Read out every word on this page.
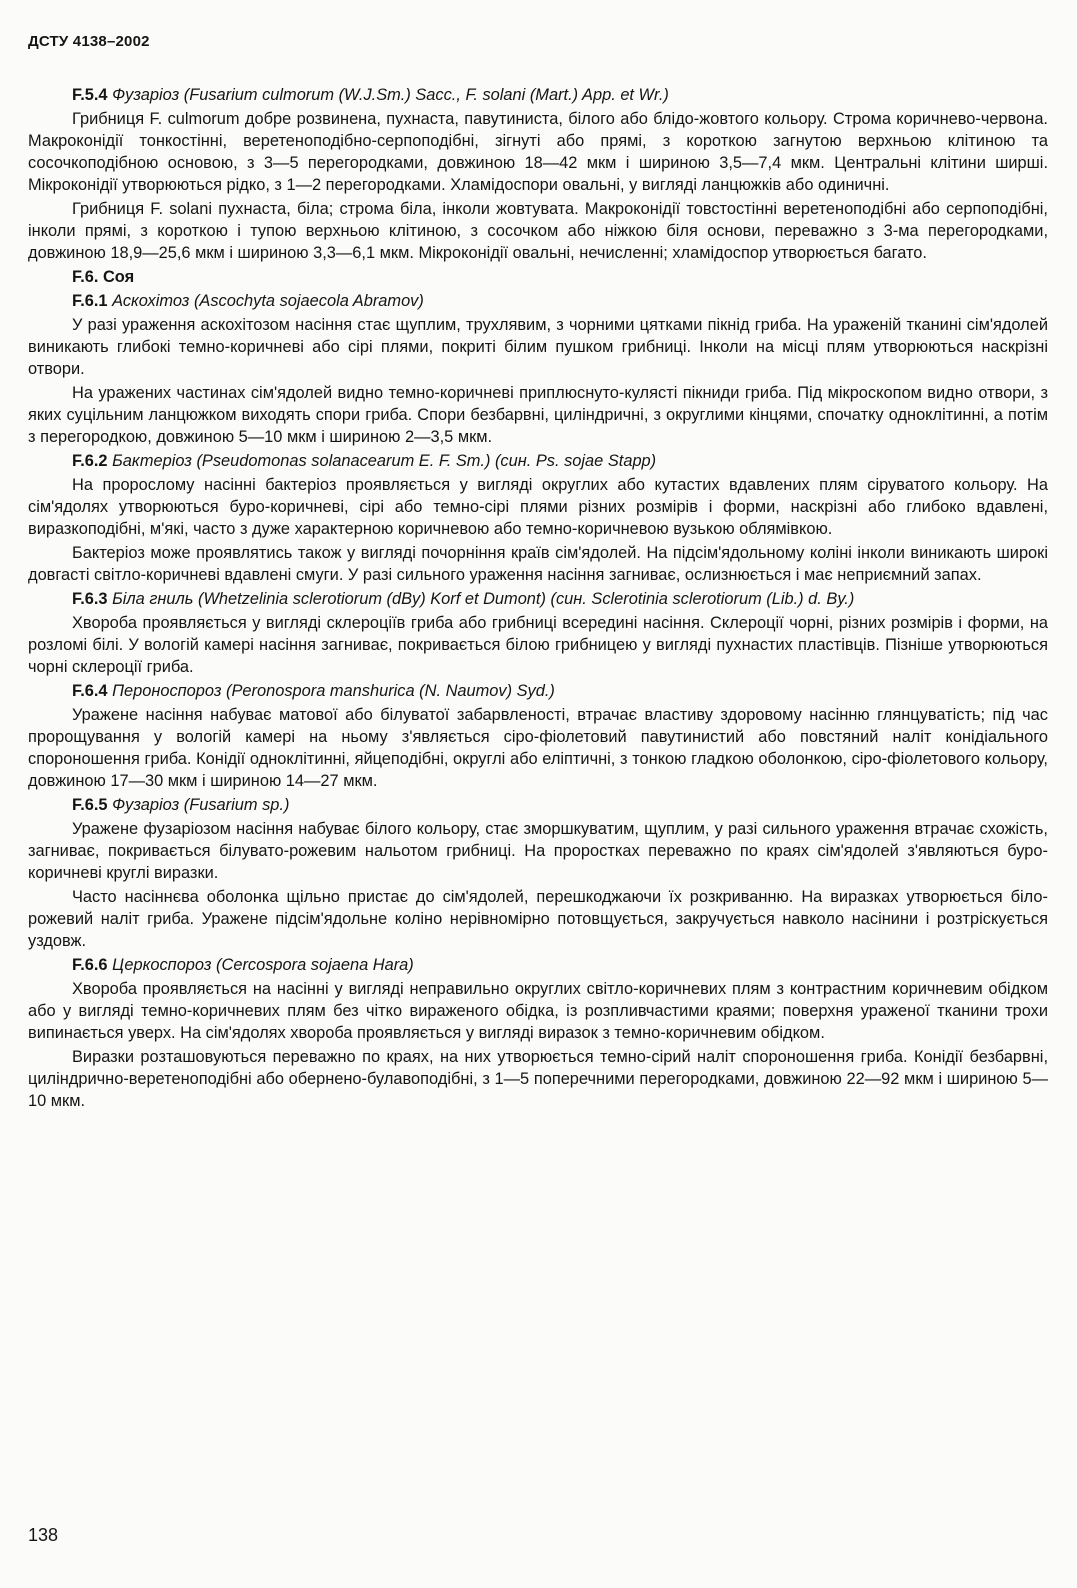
ДСТУ 4138–2002
F.5.4 Фузаріоз (Fusarium culmorum (W.J.Sm.) Sacc., F. solani (Mart.) App. et Wr.)

Грибниця F. culmorum добре розвинена, пухнаста, павутиниста, білого або блідо-жовтого кольору. Строма коричнево-червона. Макроконідії тонкостінні, веретеноподібно-серпоподібні, зігнуті або прямі, з короткою загнутою верхньою клітиною та сосочкоподібною основою, з 3—5 перегородками, довжиною 18—42 мкм і шириною 3,5—7,4 мкм. Центральні клітини ширші. Мікроконідії утворюються рідко, з 1—2 перегородками. Хламідоспори овальні, у вигляді ланцюжків або одиничні.

Грибниця F. solani пухнаста, біла; строма біла, інколи жовтувата. Макроконідії товстостінні веретеноподібні або серпоподібні, інколи прямі, з короткою і тупою верхньою клітиною, з сосочком або ніжкою біля основи, переважно з 3-ма перегородками, довжиною 18,9—25,6 мкм і шириною 3,3—6,1 мкм. Мікроконідії овальні, нечисленні; хламідоспор утворюється багато.

F.6. Соя
F.6.1 Аскохітоз (Ascochyta sojaecola Abramov)

У разі ураження аскохітозом насіння стає щуплим, трухлявим, з чорними цятками пікнід гриба. На ураженій тканині сім'ядолей виникають глибокі темно-коричневі або сірі плями, покриті білим пушком грибниці. Інколи на місці плям утворюються наскрізні отвори.

На уражених частинах сім'ядолей видно темно-коричневі приплюснуто-кулясті пікниди гриба. Під мікроскопом видно отвори, з яких суцільним ланцюжком виходять спори гриба. Спори безбарвні, циліндричні, з округлими кінцями, спочатку одноклітинні, а потім з перегородкою, довжиною 5—10 мкм і шириною 2—3,5 мкм.

F.6.2 Бактеріоз (Pseudomonas solanacearum E. F. Sm.) (син. Ps. sojae Stapp)

На пророслому насінні бактеріоз проявляється у вигляді округлих або кутастих вдавлених плям сіруватого кольору. На сім'ядолях утворюються буро-коричневі, сірі або темно-сірі плями різних розмірів і форми, наскрізні або глибоко вдавлені, виразкоподібні, м'які, часто з дуже характерною коричневою або темно-коричневою вузькою облямівкою.

Бактеріоз може проявлятись також у вигляді почорніння країв сім'ядолей. На підсім'ядольному коліні інколи виникають широкі довгасті світло-коричневі вдавлені смуги. У разі сильного ураження насіння загниває, ослизнюється і має неприємний запах.

F.6.3 Біла гниль (Whetzelinia sclerotiorum (dBy) Korf et Dumont) (син. Sclerotinia sclerotiorum (Lib.) d. By.)

Хвороба проявляється у вигляді склероціїв гриба або грибниці всередині насіння. Склероції чорні, різних розмірів і форми, на розломі білі. У вологій камері насіння загниває, покривається білою грибницею у вигляді пухнастих пластівців. Пізніше утворюються чорні склероції гриба.

F.6.4 Пероноспороз (Peronospora manshurica (N. Naumov) Syd.)

Уражене насіння набуває матової або білуватої забарвленості, втрачає властиву здоровому насінню глянцуватість; під час пророщування у вологій камері на ньому з'являється сіро-фіолетовий павутинистий або повстяний наліт конідіального спороношення гриба. Конідії одноклітинні, яйцеподібні, округлі або еліптичні, з тонкою гладкою оболонкою, сіро-фіолетового кольору, довжиною 17—30 мкм і шириною 14—27 мкм.

F.6.5 Фузаріоз (Fusarium sp.)

Уражене фузаріозом насіння набуває білого кольору, стає зморшкуватим, щуплим, у разі сильного ураження втрачає схожість, загниває, покривається білувато-рожевим нальотом грибниці. На проростках переважно по краях сім'ядолей з'являються буро-коричневі круглі виразки.

Часто насіннєва оболонка щільно пристає до сім'ядолей, перешкоджаючи їх розкриванню. На виразках утворюється біло-рожевий наліт гриба. Уражене підсім'ядольне коліно нерівномірно потовщується, закручується навколо насінини і розтріскується уздовж.

F.6.6 Церкоспороз (Cercospora sojaena Hara)

Хвороба проявляється на насінні у вигляді неправильно округлих світло-коричневих плям з контрастним коричневим обідком або у вигляді темно-коричневих плям без чітко вираженого обідка, із розпливчастими краями; поверхня ураженої тканини трохи випинається уверх. На сім'ядолях хвороба проявляється у вигляді виразок з темно-коричневим обідком.

Виразки розташовуються переважно по краях, на них утворюється темно-сірий наліт спороношення гриба. Конідії безбарвні, циліндрично-веретеноподібні або обернено-булавоподібні, з 1—5 поперечними перегородками, довжиною 22—92 мкм і шириною 5—10 мкм.

138
